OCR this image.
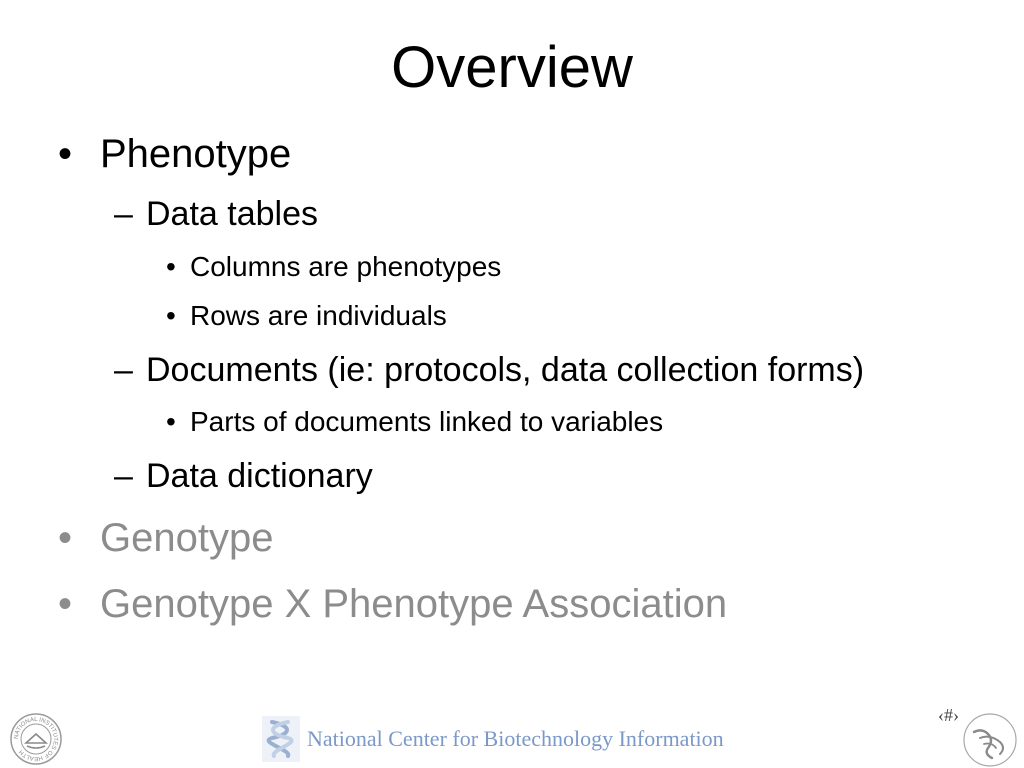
Overview
• Phenotype
– Data tables
• Columns are phenotypes
• Rows are individuals
– Documents (ie: protocols, data collection forms)
• Parts of documents linked to variables
– Data dictionary
• Genotype
• Genotype X Phenotype Association
NATIONAL INSTITUTES OF HEALTH
National Center for Biotechnology Information
‹#›
